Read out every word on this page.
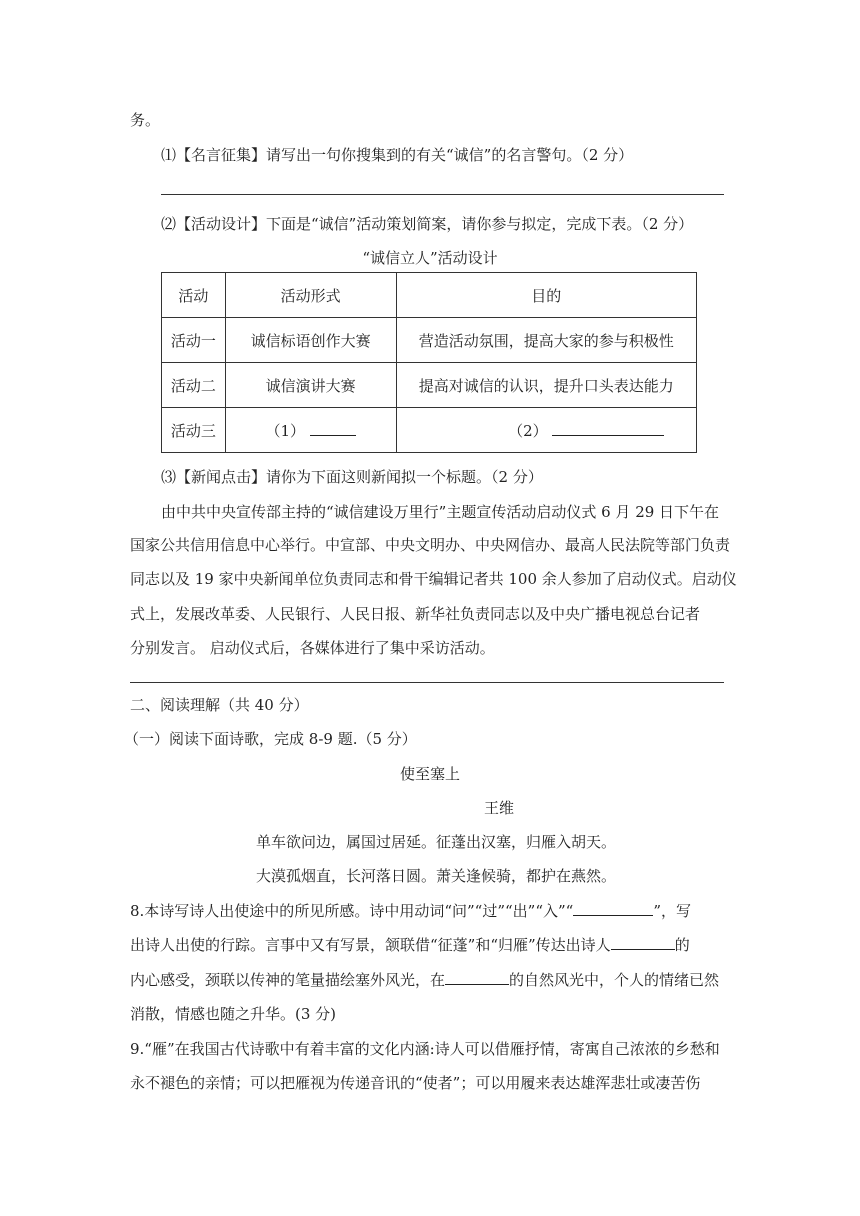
务。
⑴【名言征集】请写出一句你搜集到的有关“诚信”的名言警句。（2 分）
⑵【活动设计】下面是“诚信”活动策划简案，请你参与拟定，完成下表。（2 分）
“诚信立人”活动设计
活动	活动形式	目的
活动一	诚信标语创作大赛	营造活动氛围，提高大家的参与积极性
活动二	诚信演讲大赛	提高对诚信的认识，提升口头表达能力
活动三	（1）	（2）
⑶【新闻点击】请你为下面这则新闻拟一个标题。（2 分）
由中共中央宣传部主持的“诚信建设万里行”主题宣传活动启动仪式 6 月 29 日下午在
国家公共信用信息中心举行。中宣部、中央文明办、中央网信办、最高人民法院等部门负责
同志以及 19 家中央新闻单位负责同志和骨干编辑记者共 100 余人参加了启动仪式。启动仪
式上，发展改革委、人民银行、人民日报、新华社负责同志以及中央广播电视总台记者
分别发言。 启动仪式后，各媒体进行了集中采访活动。
二、阅读理解（共 40 分）
（一）阅读下面诗歌，完成 8-9 题.（5 分）
使至塞上
王维
单车欲问边，属国过居延。征蓬出汉塞，归雁入胡天。
大漠孤烟直，长河落日圆。萧关逢候骑，都护在燕然。
8.本诗写诗人出使途中的所见所感。诗中用动词“问”“过”“出”“入”“	”，写
出诗人出使的行踪。言事中又有写景，颔联借“征蓬”和“归雁”传达出诗人	的
内心感受，颈联以传神的笔量描绘塞外风光，在	的自然风光中，个人的情绪已然
消散，情感也随之升华。(3 分)
9.“雁”在我国古代诗歌中有着丰富的文化内涵:诗人可以借雁抒情，寄寓自己浓浓的乡愁和
永不褪色的亲情；可以把雁视为传递音讯的“使者”；可以用履来表达雄浑悲壮或凄苦伤
